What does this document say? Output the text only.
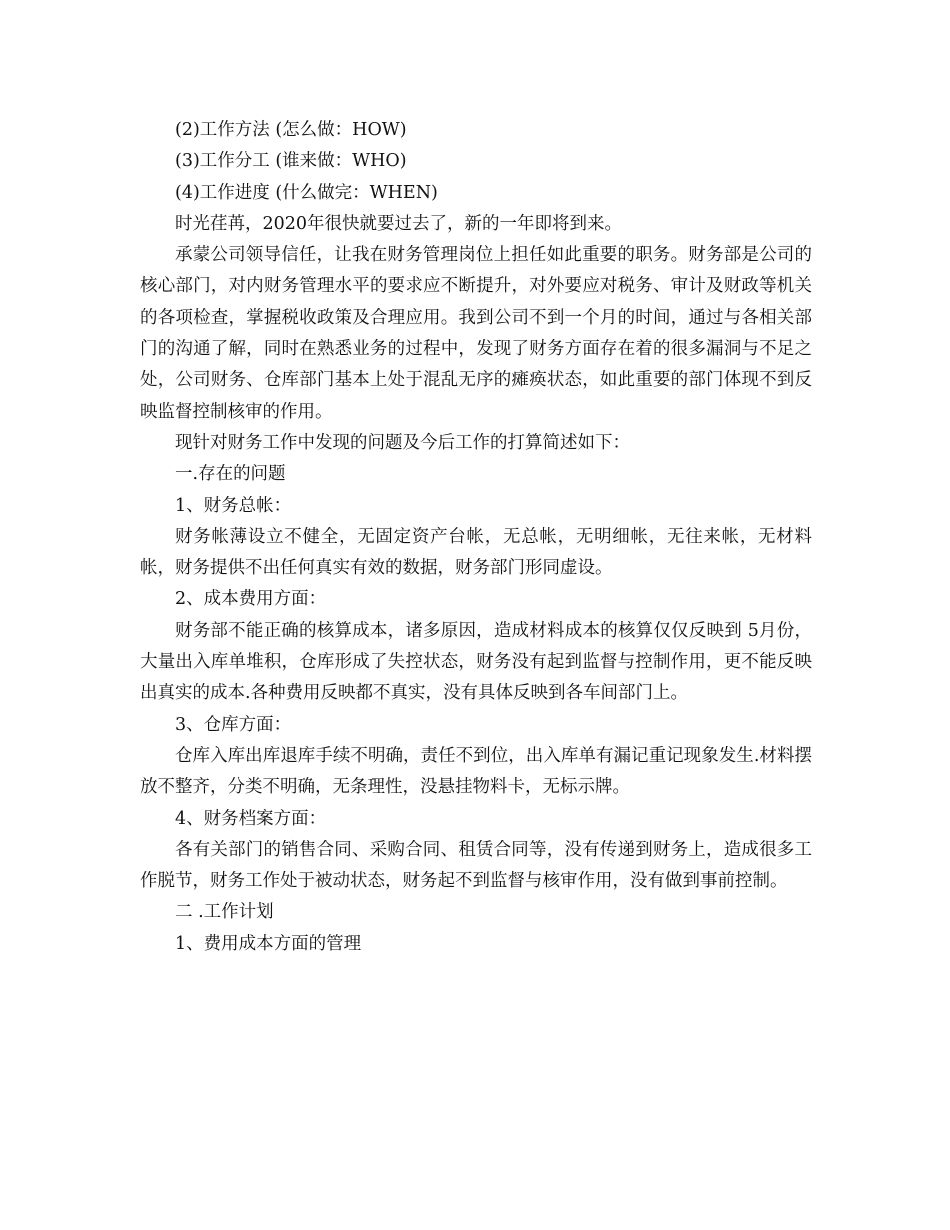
(2)工作方法 (怎么做：HOW)

(3)工作分工 (谁来做：WHO)

(4)工作进度 (什么做完：WHEN)

时光荏苒，2020年很快就要过去了，新的一年即将到来。

承蒙公司领导信任，让我在财务管理岗位上担任如此重要的职务。财务部是公司的核心部门，对内财务管理水平的要求应不断提升，对外要应对税务、审计及财政等机关的各项检查，掌握税收政策及合理应用。我到公司不到一个月的时间，通过与各相关部门的沟通了解，同时在熟悉业务的过程中，发现了财务方面存在着的很多漏洞与不足之处，公司财务、仓库部门基本上处于混乱无序的瘫痪状态，如此重要的部门体现不到反映监督控制核审的作用。

现针对财务工作中发现的问题及今后工作的打算简述如下：

一.存在的问题

1、财务总帐：

财务帐薄设立不健全，无固定资产台帐，无总帐，无明细帐，无往来帐，无材料帐，财务提供不出任何真实有效的数据，财务部门形同虚设。

2、成本费用方面：

财务部不能正确的核算成本，诸多原因，造成材料成本的核算仅仅反映到 5月份，大量出入库单堆积，仓库形成了失控状态，财务没有起到监督与控制作用，更不能反映出真实的成本.各种费用反映都不真实，没有具体反映到各车间部门上。

3、仓库方面：

仓库入库出库退库手续不明确，责任不到位，出入库单有漏记重记现象发生.材料摆放不整齐，分类不明确，无条理性，没悬挂物料卡，无标示牌。

4、财务档案方面：

各有关部门的销售合同、采购合同、租赁合同等，没有传递到财务上，造成很多工作脱节，财务工作处于被动状态，财务起不到监督与核审作用，没有做到事前控制。

二 .工作计划

1、费用成本方面的管理
